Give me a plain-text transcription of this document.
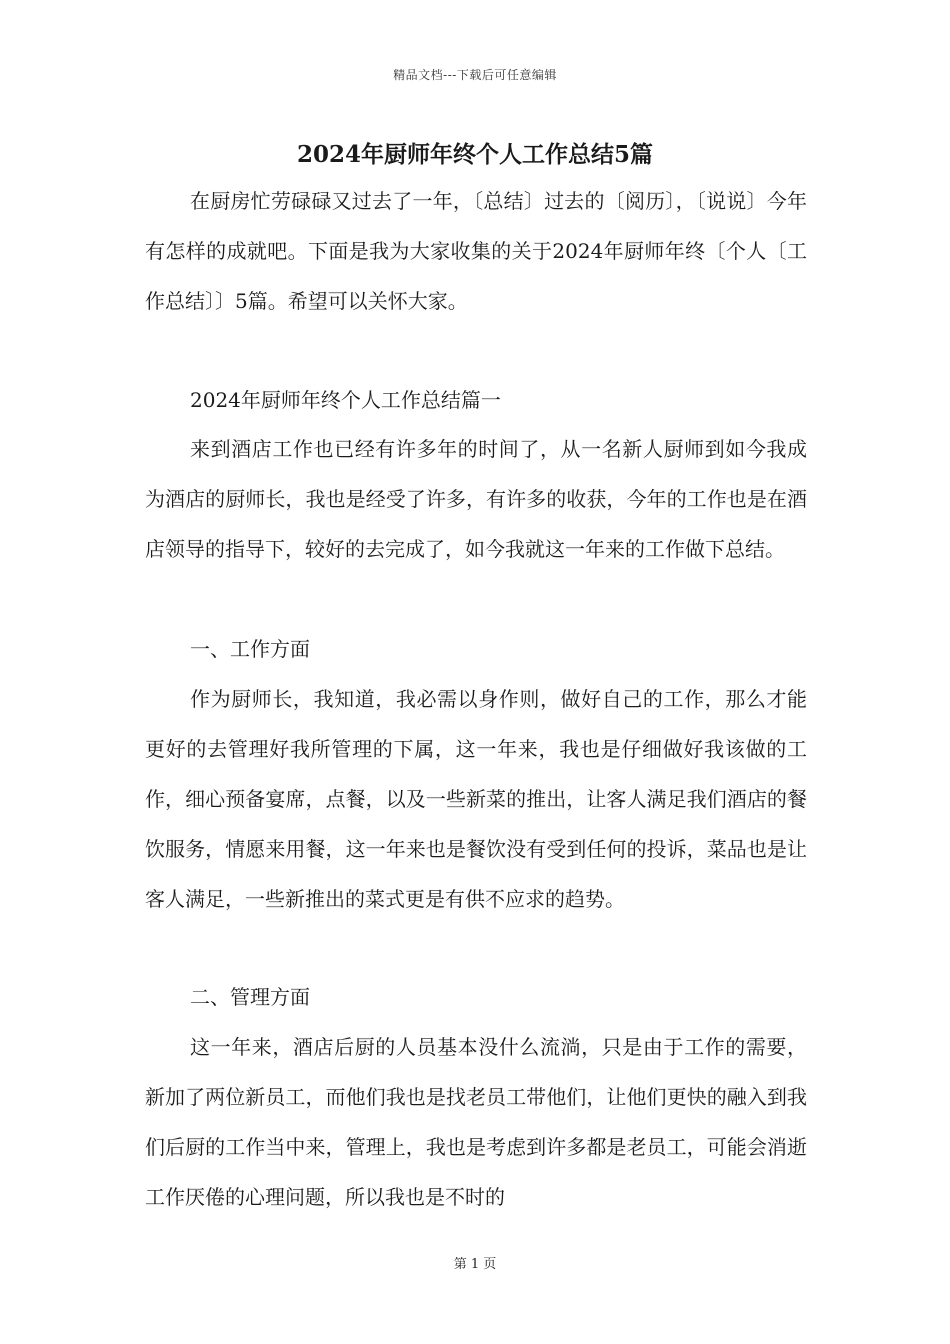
精品文档---下载后可任意编辑
2024年厨师年终个人工作总结5篇

在厨房忙劳碌碌又过去了一年，〔总结〕过去的〔阅历〕，〔说说〕今年有怎样的成就吧。下面是我为大家收集的关于2024年厨师年终〔个人〔工作总结〕〕5篇。希望可以关怀大家。

2024年厨师年终个人工作总结篇一

来到酒店工作也已经有许多年的时间了，从一名新人厨师到如今我成为酒店的厨师长，我也是经受了许多，有许多的收获，今年的工作也是在酒店领导的指导下，较好的去完成了，如今我就这一年来的工作做下总结。

一、工作方面

作为厨师长，我知道，我必需以身作则，做好自己的工作，那么才能更好的去管理好我所管理的下属，这一年来，我也是仔细做好我该做的工作，细心预备宴席，点餐，以及一些新菜的推出，让客人满足我们酒店的餐饮服务，情愿来用餐，这一年来也是餐饮没有受到任何的投诉，菜品也是让客人满足，一些新推出的菜式更是有供不应求的趋势。

二、管理方面

这一年来，酒店后厨的人员基本没什么流淌，只是由于工作的需要，新加了两位新员工，而他们我也是找老员工带他们，让他们更快的融入到我们后厨的工作当中来，管理上，我也是考虑到许多都是老员工，可能会消逝工作厌倦的心理问题，所以我也是不时的

第 1 页
